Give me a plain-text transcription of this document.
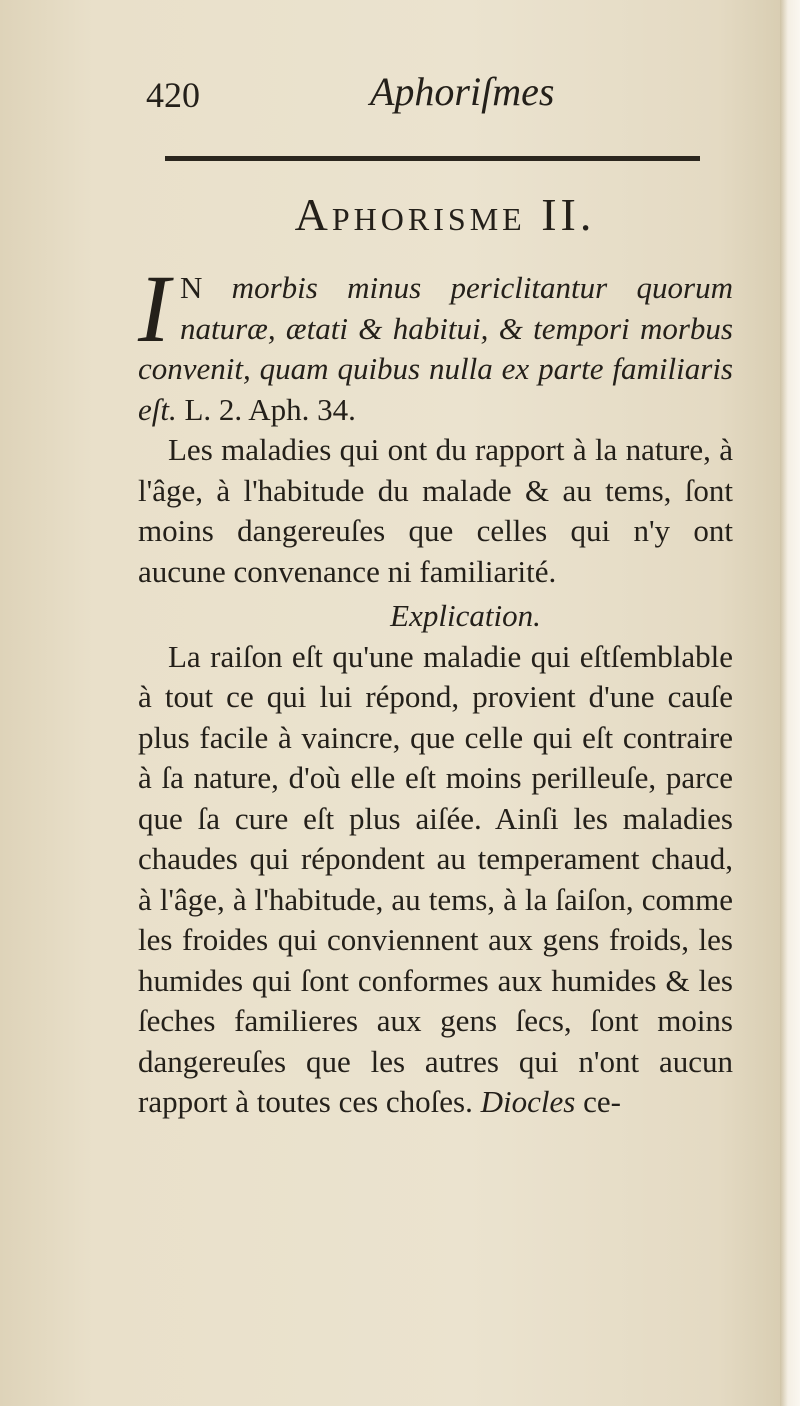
420	Aphoriſmes
Aphorisme II.

I N morbis minus periclitantur quorum naturæ, ætati & habitui, & tempori morbus convenit, quam quibus nulla ex parte familiaris eſt. L. 2. Aph. 34.

Les maladies qui ont du rapport à la nature, à l'âge, à l'habitude du malade & au tems, ſont moins dangereuſes que celles qui n'y ont aucune convenance ni familiarité.

Explication.

La raiſon eſt qu'une maladie qui eſtſemblable à tout ce qui lui répond, provient d'une cauſe plus facile à vaincre, que celle qui eſt contraire à ſa nature, d'où elle eſt moins perilleuſe, parce que ſa cure eſt plus aiſée. Ainſi les maladies chaudes qui répondent au temperament chaud, à l'âge, à l'habitude, au tems, à la ſaiſon, comme les froides qui conviennent aux gens froids, les humides qui ſont conformes aux humides & les ſeches familieres aux gens ſecs, ſont moins dangereuſes que les autres qui n'ont aucun rapport à toutes ces choſes. Diocles ce-
